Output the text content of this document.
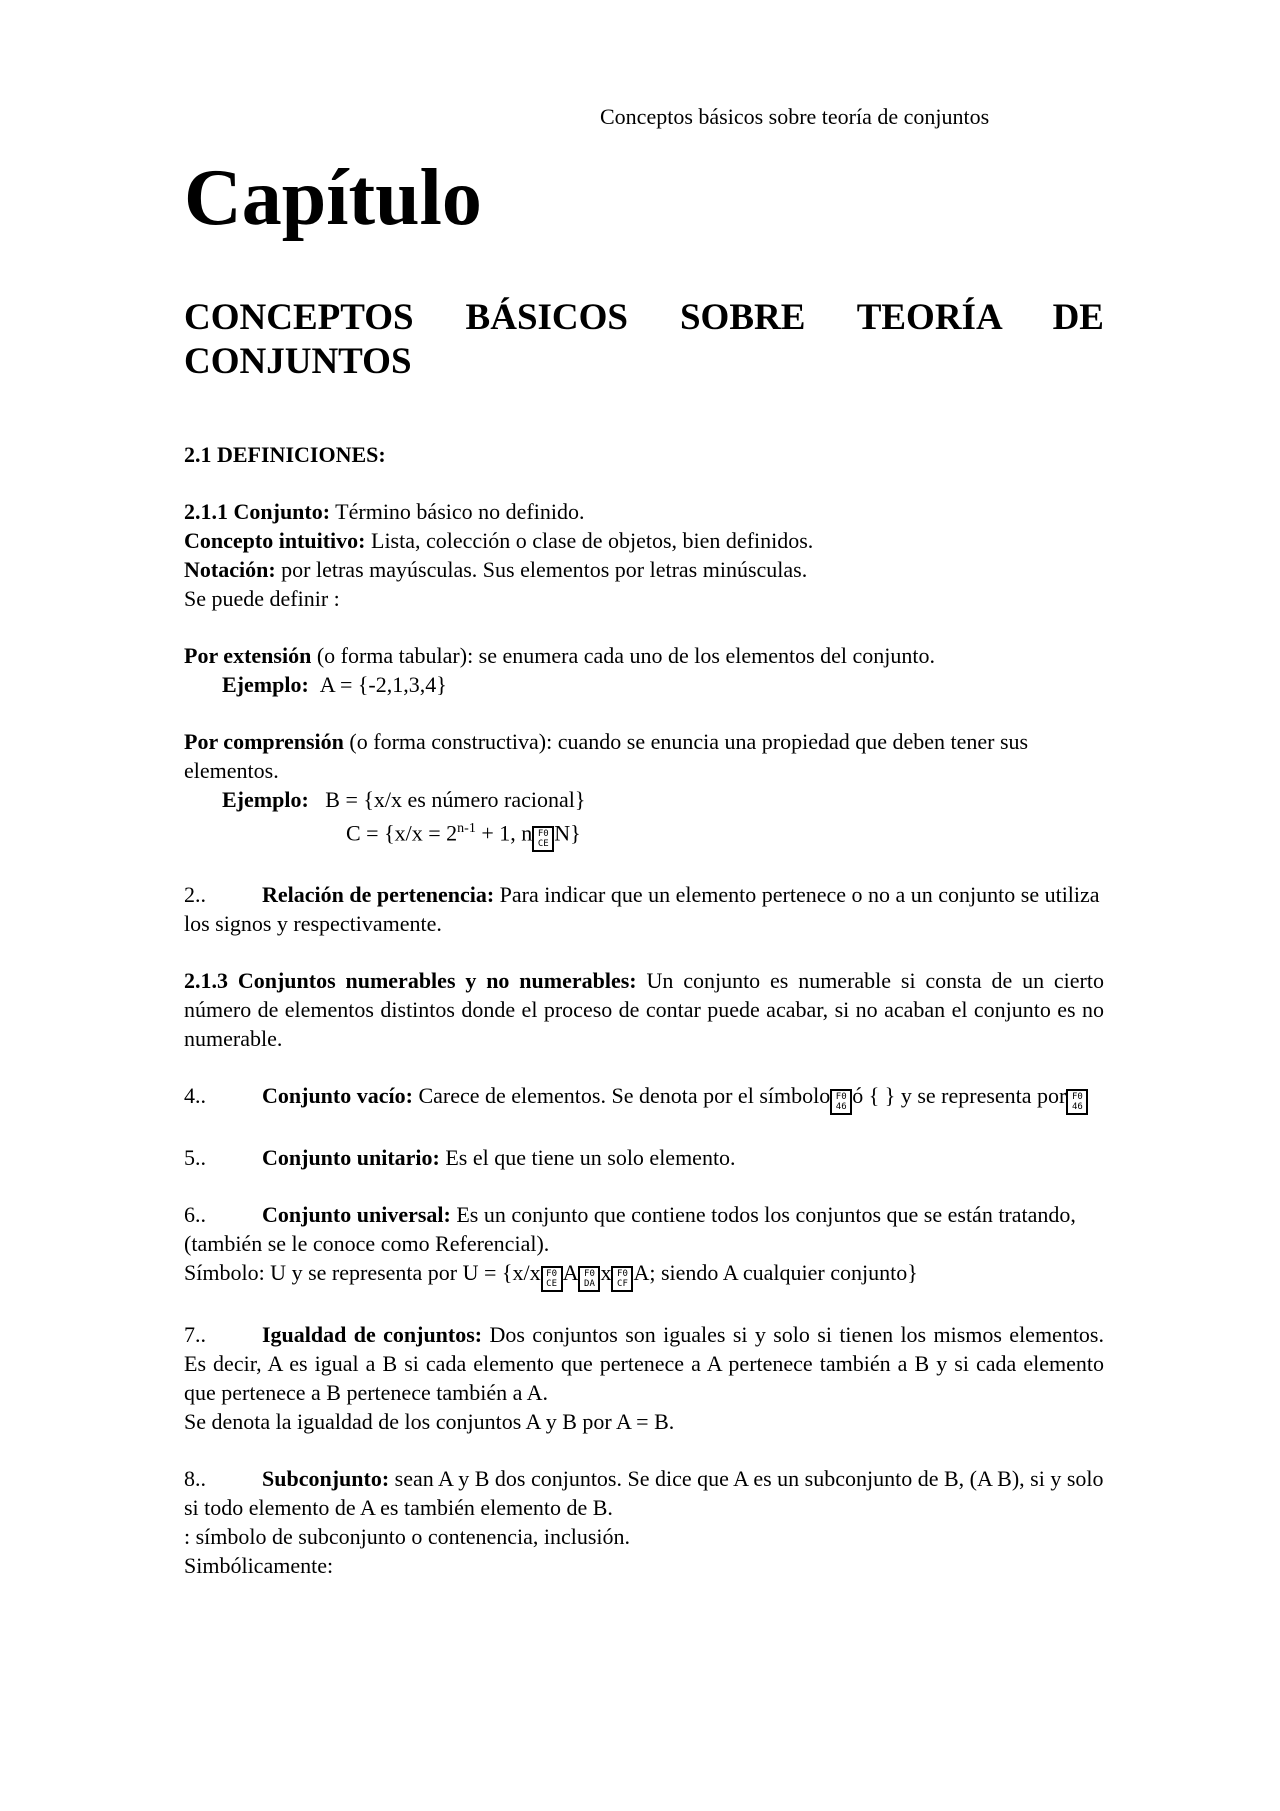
Conceptos básicos sobre teoría de conjuntos
Capítulo
CONCEPTOS BÁSICOS SOBRE TEORÍA DE
CONJUNTOS

2.1 DEFINICIONES:

2.1.1 Conjunto: Término básico no definido.

Concepto intuitivo: Lista, colección o clase de objetos, bien definidos.

Notación: por letras mayúsculas. Sus elementos por letras minúsculas.

Se puede definir :

Por extensión (o forma tabular): se enumera cada uno de los elementos del conjunto.

Ejemplo: A = {-2,1,3,4}

Por comprensión (o forma constructiva): cuando se enuncia una propiedad que deben tener sus elementos.

Ejemplo: B = {x/x es número racional}

$C = \{x/x = 2^{n-1} + 1$, n F0
CE N}

2..	Relación de pertenencia: Para indicar que un elemento pertenece o no a un conjunto se utiliza los signos y respectivamente.

2.1.3 Conjuntos numerables y no numerables: Un conjunto es numerable si consta de un cierto número de elementos distintos donde el proceso de contar puede acabar, si no acaban el conjunto es no numerable.

4..	Conjunto vacío: Carece de elementos. Se denota por el símbolo F0
46 ó { } y se representa por F0
46

5..	Conjunto unitario: Es el que tiene un solo elemento.

6..	Conjunto universal: Es un conjunto que contiene todos los conjuntos que se están tratando, (también se le conoce como Referencial).

Símbolo: U y se representa por U = {x/x F0
CE A F0
DA x F0
CF A; siendo A cualquier conjunto}

7..	Igualdad de conjuntos: Dos conjuntos son iguales si y solo si tienen los mismos elementos. Es decir, A es igual a B si cada elemento que pertenece a A pertenece también a B y si cada elemento que pertenece a B pertenece también a A.

Se denota la igualdad de los conjuntos A y B por A = B.

8..	Subconjunto: sean A y B dos conjuntos. Se dice que A es un subconjunto de B, (A B), si y solo si todo elemento de A es también elemento de B.

: símbolo de subconjunto o contenencia, inclusión.

Simbólicamente:
